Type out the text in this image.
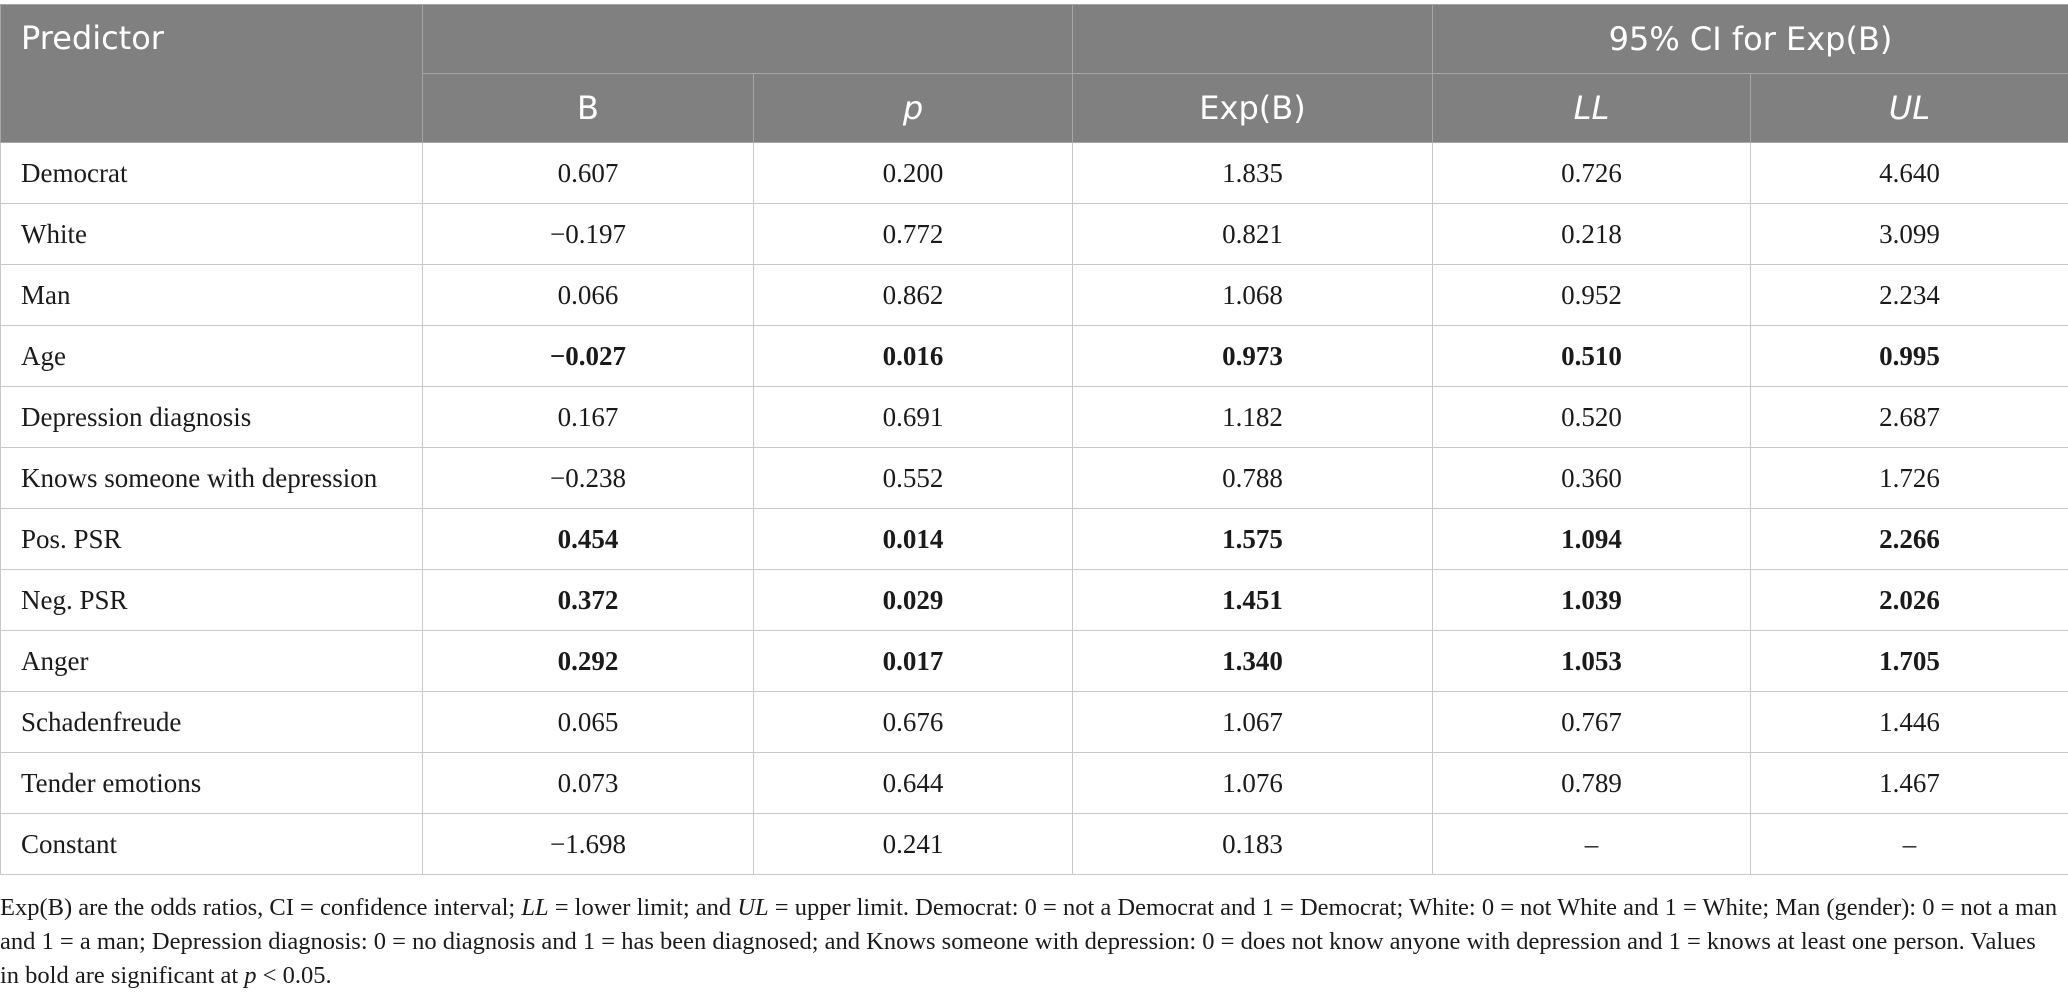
Predictor				95% CI for Exp(B)	
	B	p	Exp(B)	LL	UL
Democrat	0.607	0.200	1.835	0.726	4.640
White	−0.197	0.772	0.821	0.218	3.099
Man	0.066	0.862	1.068	0.952	2.234
Age	−0.027	0.016	0.973	0.510	0.995
Depression diagnosis	0.167	0.691	1.182	0.520	2.687
Knows someone with depression	−0.238	0.552	0.788	0.360	1.726
Pos. PSR	0.454	0.014	1.575	1.094	2.266
Neg. PSR	0.372	0.029	1.451	1.039	2.026
Anger	0.292	0.017	1.340	1.053	1.705
Schadenfreude	0.065	0.676	1.067	0.767	1.446
Tender emotions	0.073	0.644	1.076	0.789	1.467
Constant	−1.698	0.241	0.183	–	–
Exp(B) are the odds ratios, CI = confidence interval; LL = lower limit; and UL = upper limit. Democrat: 0 = not a Democrat and 1 = Democrat; White: 0 = not White and 1 = White; Man (gender): 0 = not a man and 1 = a man; Depression diagnosis: 0 = no diagnosis and 1 = has been diagnosed; and Knows someone with depression: 0 = does not know anyone with depression and 1 = knows at least one person. Values in bold are significant at p < 0.05.
